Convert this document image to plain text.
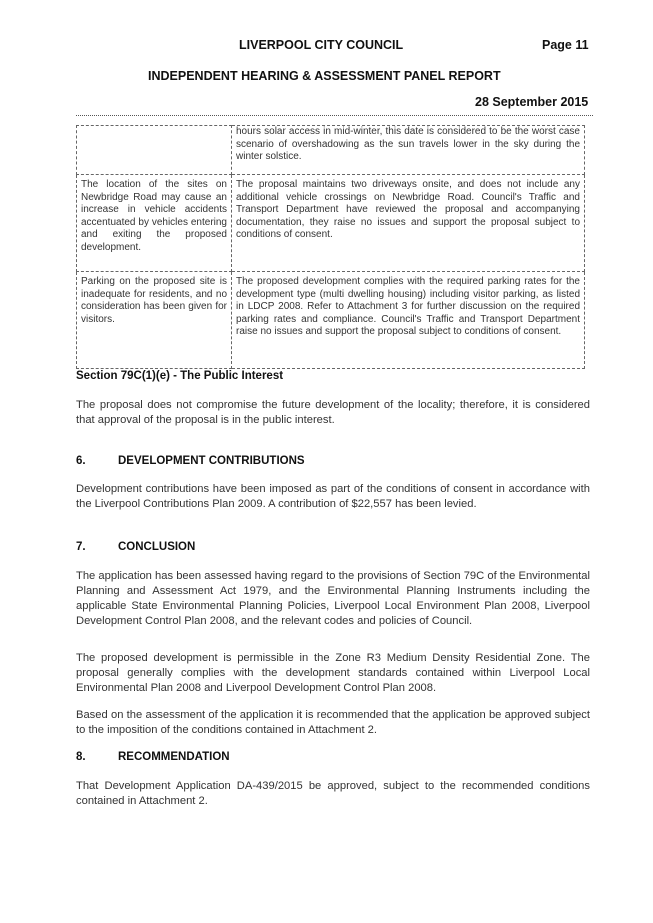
LIVERPOOL CITY COUNCIL	Page 11
INDEPENDENT HEARING & ASSESSMENT PANEL REPORT
28 September 2015
	hours solar access in mid-winter, this date is considered to be the worst case scenario of overshadowing as the sun travels lower in the sky during the winter solstice.
The location of the sites on Newbridge Road may cause an increase in vehicle accidents accentuated by vehicles entering and exiting the proposed development.	The proposal maintains two driveways onsite, and does not include any additional vehicle crossings on Newbridge Road. Council's Traffic and Transport Department have reviewed the proposal and accompanying documentation, they raise no issues and support the proposal subject to conditions of consent.
Parking on the proposed site is inadequate for residents, and no consideration has been given for visitors.	The proposed development complies with the required parking rates for the development type (multi dwelling housing) including visitor parking, as listed in LDCP 2008. Refer to Attachment 3 for further discussion on the required parking rates and compliance. Council's Traffic and Transport Department raise no issues and support the proposal subject to conditions of consent.
Section 79C(1)(e) - The Public Interest
The proposal does not compromise the future development of the locality; therefore, it is considered that approval of the proposal is in the public interest.
6.	DEVELOPMENT CONTRIBUTIONS
Development contributions have been imposed as part of the conditions of consent in accordance with the Liverpool Contributions Plan 2009. A contribution of $22,557 has been levied.
7.	CONCLUSION
The application has been assessed having regard to the provisions of Section 79C of the Environmental Planning and Assessment Act 1979, and the Environmental Planning Instruments including the applicable State Environmental Planning Policies, Liverpool Local Environment Plan 2008, Liverpool Development Control Plan 2008, and the relevant codes and policies of Council.
The proposed development is permissible in the Zone R3 Medium Density Residential Zone. The proposal generally complies with the development standards contained within Liverpool Local Environmental Plan 2008 and Liverpool Development Control Plan 2008.
Based on the assessment of the application it is recommended that the application be approved subject to the imposition of the conditions contained in Attachment 2.
8.	RECOMMENDATION
That Development Application DA-439/2015 be approved, subject to the recommended conditions contained in Attachment 2.
